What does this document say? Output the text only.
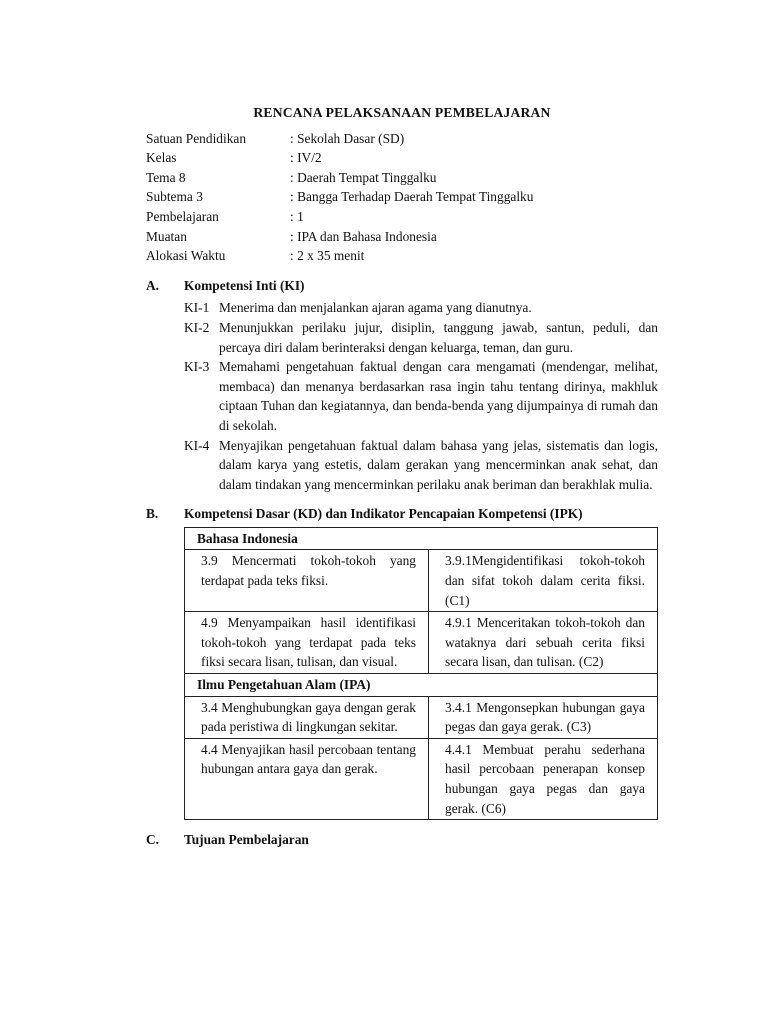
RENCANA PELAKSANAAN PEMBELAJARAN
Satuan Pendidikan	: Sekolah Dasar (SD)
Kelas	: IV/2
Tema 8	: Daerah Tempat Tinggalku
Subtema 3	: Bangga Terhadap Daerah Tempat Tinggalku
Pembelajaran	: 1
Muatan	: IPA dan Bahasa Indonesia
Alokasi Waktu	: 2 x 35 menit
A.	Kompetensi Inti (KI)
KI-1 Menerima dan menjalankan ajaran agama yang dianutnya.
KI-2 Menunjukkan perilaku jujur, disiplin, tanggung jawab, santun, peduli, dan percaya diri dalam berinteraksi dengan keluarga, teman, dan guru.
KI-3 Memahami pengetahuan faktual dengan cara mengamati (mendengar, melihat, membaca) dan menanya berdasarkan rasa ingin tahu tentang dirinya, makhluk ciptaan Tuhan dan kegiatannya, dan benda-benda yang dijumpainya di rumah dan di sekolah.
KI-4 Menyajikan pengetahuan faktual dalam bahasa yang jelas, sistematis dan logis, dalam karya yang estetis, dalam gerakan yang mencerminkan anak sehat, dan dalam tindakan yang mencerminkan perilaku anak beriman dan berakhlak mulia.
B.	Kompetensi Dasar (KD) dan Indikator Pencapaian Kompetensi (IPK)
Bahasa Indonesia	
3.9 Mencermati tokoh-tokoh yang terdapat pada teks fiksi.	3.9.1Mengidentifikasi tokoh-tokoh dan sifat tokoh dalam cerita fiksi. (C1)
4.9 Menyampaikan hasil identifikasi tokoh-tokoh yang terdapat pada teks fiksi secara lisan, tulisan, dan visual.	4.9.1 Menceritakan tokoh-tokoh dan wataknya dari sebuah cerita fiksi secara lisan, dan tulisan. (C2)
Ilmu Pengetahuan Alam (IPA)	
3.4 Menghubungkan gaya dengan gerak pada peristiwa di lingkungan sekitar.	3.4.1 Mengonsepkan hubungan gaya pegas dan gaya gerak. (C3)
4.4 Menyajikan hasil percobaan tentang hubungan antara gaya dan gerak.	4.4.1 Membuat perahu sederhana hasil percobaan penerapan konsep hubungan gaya pegas dan gaya gerak. (C6)
C.	Tujuan Pembelajaran
